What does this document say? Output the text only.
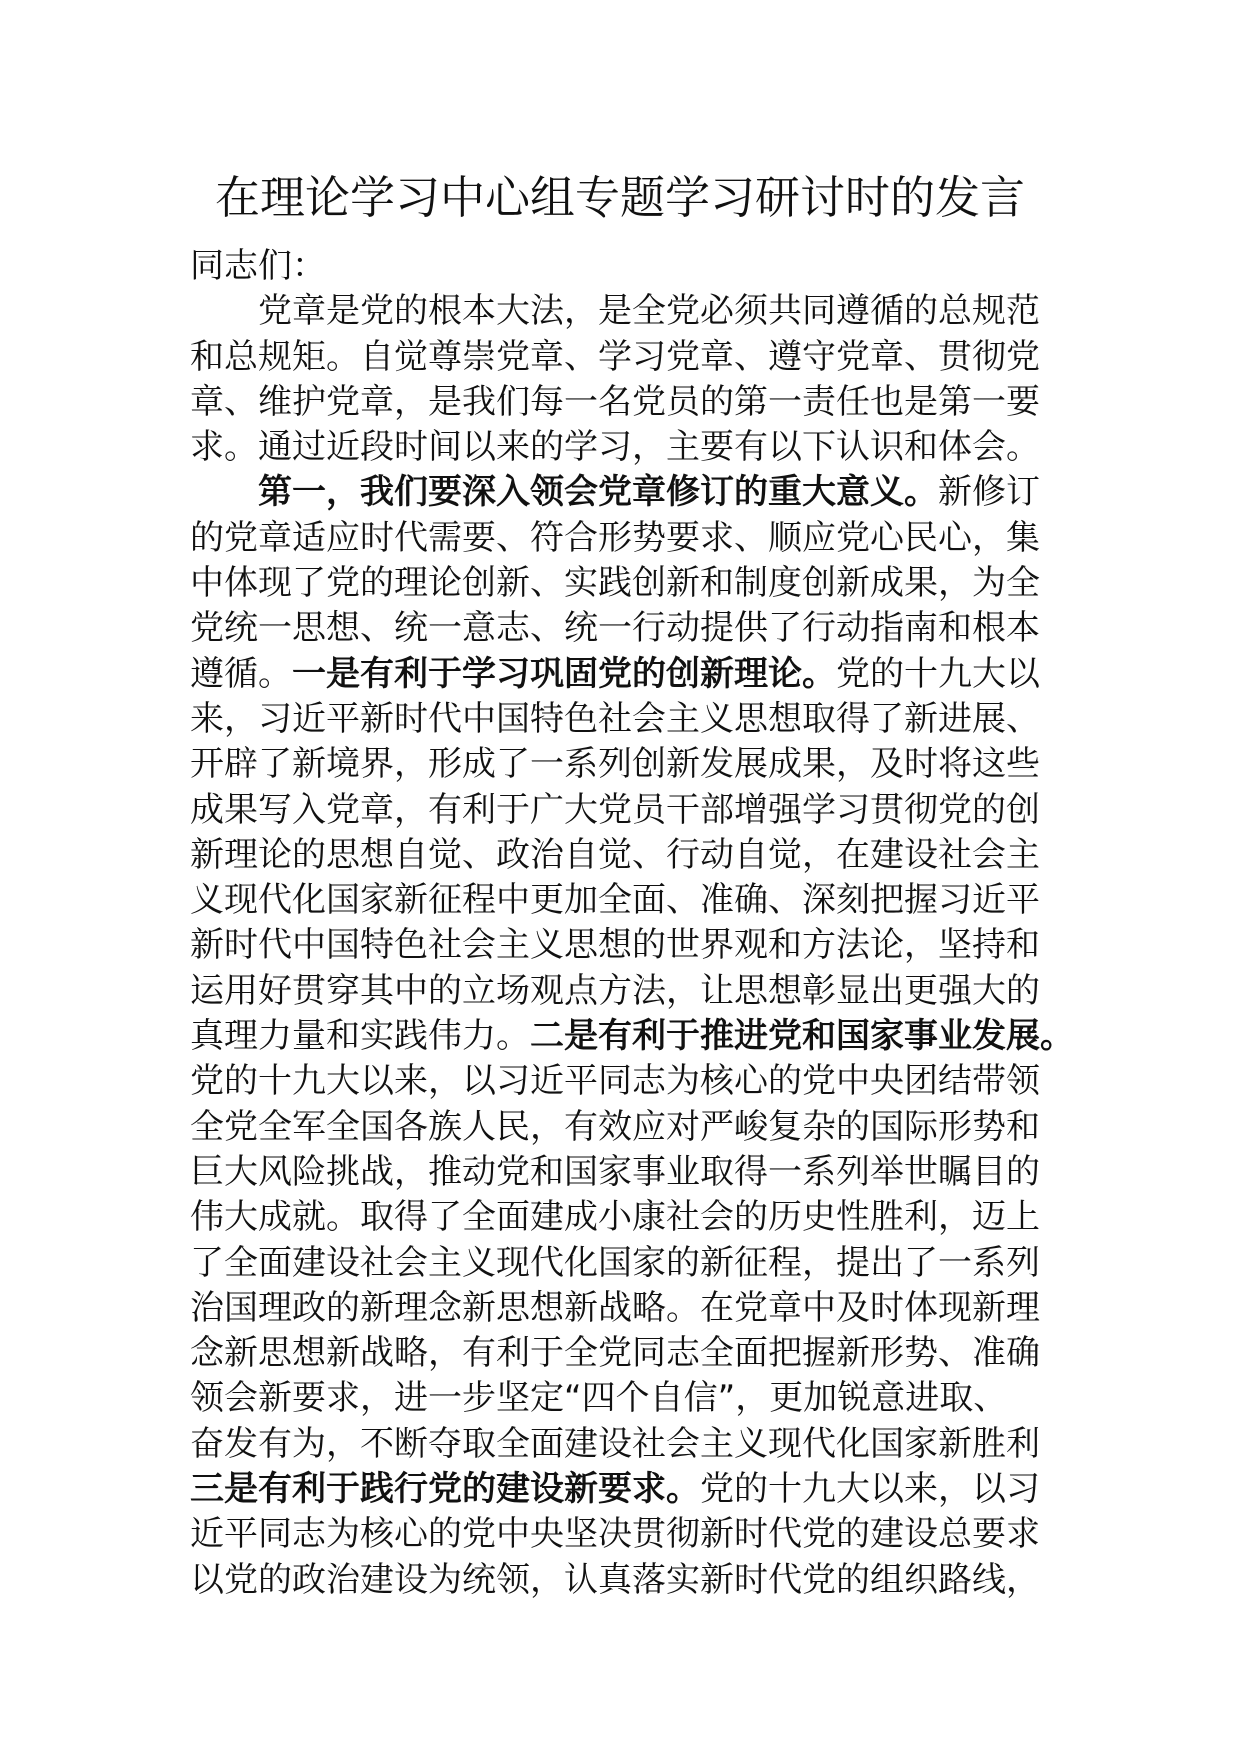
在理论学习中心组专题学习研讨时的发言
同志们：
党章是党的根本大法，是全党必须共同遵循的总规范
和总规矩。自觉尊崇党章、学习党章、遵守党章、贯彻党
章、维护党章，是我们每一名党员的第一责任也是第一要
求。通过近段时间以来的学习，主要有以下认识和体会。
第一，我们要深入领会党章修订的重大意义。新修订
的党章适应时代需要、符合形势要求、顺应党心民心，集
中体现了党的理论创新、实践创新和制度创新成果，为全
党统一思想、统一意志、统一行动提供了行动指南和根本
遵循。一是有利于学习巩固党的创新理论。党的十九大以
来，习近平新时代中国特色社会主义思想取得了新进展、
开辟了新境界，形成了一系列创新发展成果，及时将这些
成果写入党章，有利于广大党员干部增强学习贯彻党的创
新理论的思想自觉、政治自觉、行动自觉，在建设社会主
义现代化国家新征程中更加全面、准确、深刻把握习近平
新时代中国特色社会主义思想的世界观和方法论，坚持和
运用好贯穿其中的立场观点方法，让思想彰显出更强大的
真理力量和实践伟力。二是有利于推进党和国家事业发展。
党的十九大以来，以习近平同志为核心的党中央团结带领
全党全军全国各族人民，有效应对严峻复杂的国际形势和
巨大风险挑战，推动党和国家事业取得一系列举世瞩目的
伟大成就。取得了全面建成小康社会的历史性胜利，迈上
了全面建设社会主义现代化国家的新征程，提出了一系列
治国理政的新理念新思想新战略。在党章中及时体现新理
念新思想新战略，有利于全党同志全面把握新形势、准确
领会新要求，进一步坚定“四个自信”，更加锐意进取、
奋发有为，不断夺取全面建设社会主义现代化国家新胜利
三是有利于践行党的建设新要求。党的十九大以来，以习
近平同志为核心的党中央坚决贯彻新时代党的建设总要求
以党的政治建设为统领，认真落实新时代党的组织路线，
